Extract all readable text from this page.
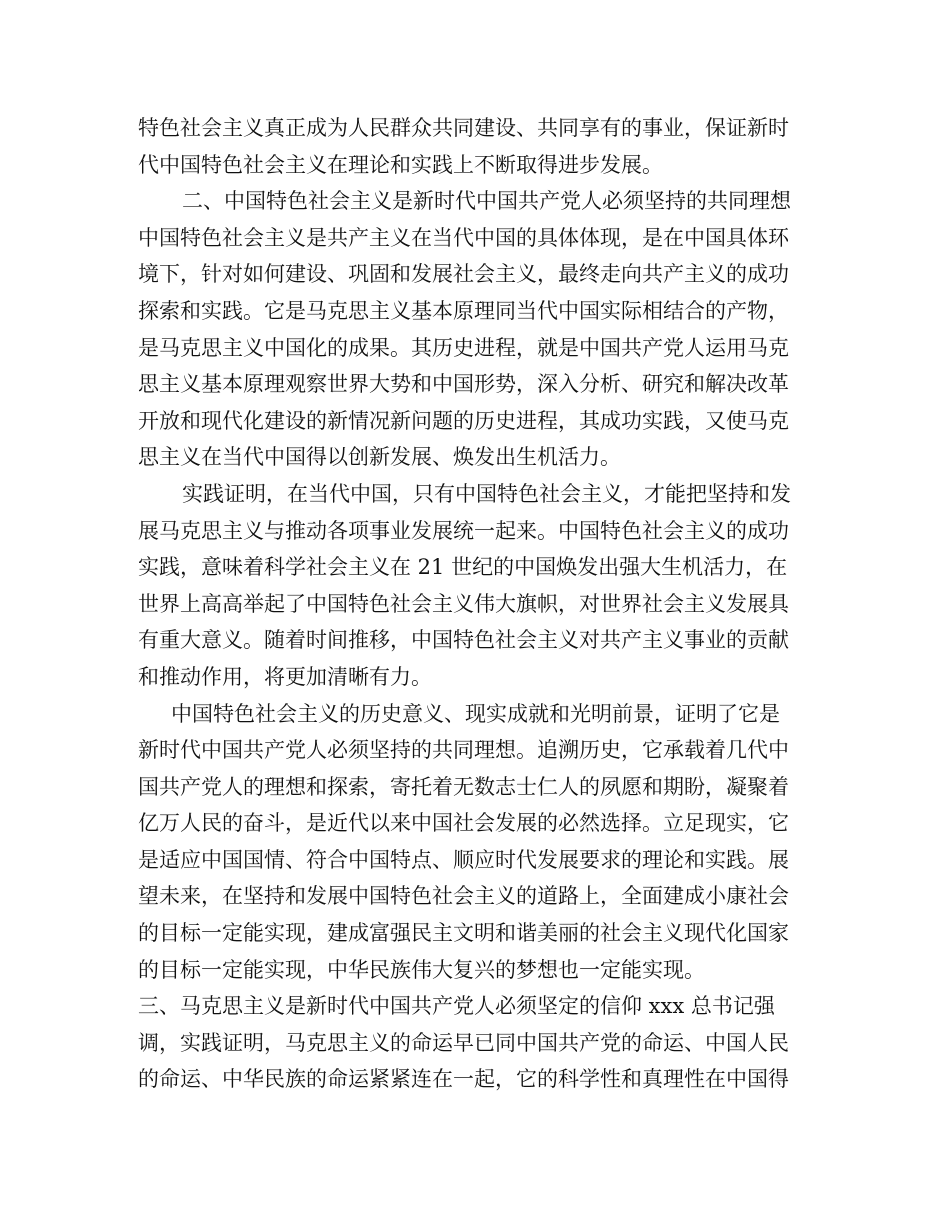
特色社会主义真正成为人民群众共同建设、共同享有的事业，保证新时
代中国特色社会主义在理论和实践上不断取得进步发展。
二、中国特色社会主义是新时代中国共产党人必须坚持的共同理想
中国特色社会主义是共产主义在当代中国的具体体现，是在中国具体环
境下，针对如何建设、巩固和发展社会主义，最终走向共产主义的成功
探索和实践。它是马克思主义基本原理同当代中国实际相结合的产物，
是马克思主义中国化的成果。其历史进程，就是中国共产党人运用马克
思主义基本原理观察世界大势和中国形势，深入分析、研究和解决改革
开放和现代化建设的新情况新问题的历史进程，其成功实践，又使马克
思主义在当代中国得以创新发展、焕发出生机活力。
实践证明，在当代中国，只有中国特色社会主义，才能把坚持和发
展马克思主义与推动各项事业发展统一起来。中国特色社会主义的成功
实践，意味着科学社会主义在 21 世纪的中国焕发出强大生机活力，在
世界上高高举起了中国特色社会主义伟大旗帜，对世界社会主义发展具
有重大意义。随着时间推移，中国特色社会主义对共产主义事业的贡献
和推动作用，将更加清晰有力。
中国特色社会主义的历史意义、现实成就和光明前景，证明了它是
新时代中国共产党人必须坚持的共同理想。追溯历史，它承载着几代中
国共产党人的理想和探索，寄托着无数志士仁人的夙愿和期盼，凝聚着
亿万人民的奋斗，是近代以来中国社会发展的必然选择。立足现实，它
是适应中国国情、符合中国特点、顺应时代发展要求的理论和实践。展
望未来，在坚持和发展中国特色社会主义的道路上，全面建成小康社会
的目标一定能实现，建成富强民主文明和谐美丽的社会主义现代化国家
的目标一定能实现，中华民族伟大复兴的梦想也一定能实现。
三、马克思主义是新时代中国共产党人必须坚定的信仰 xxx 总书记强
调，实践证明，马克思主义的命运早已同中国共产党的命运、中国人民
的命运、中华民族的命运紧紧连在一起，它的科学性和真理性在中国得
